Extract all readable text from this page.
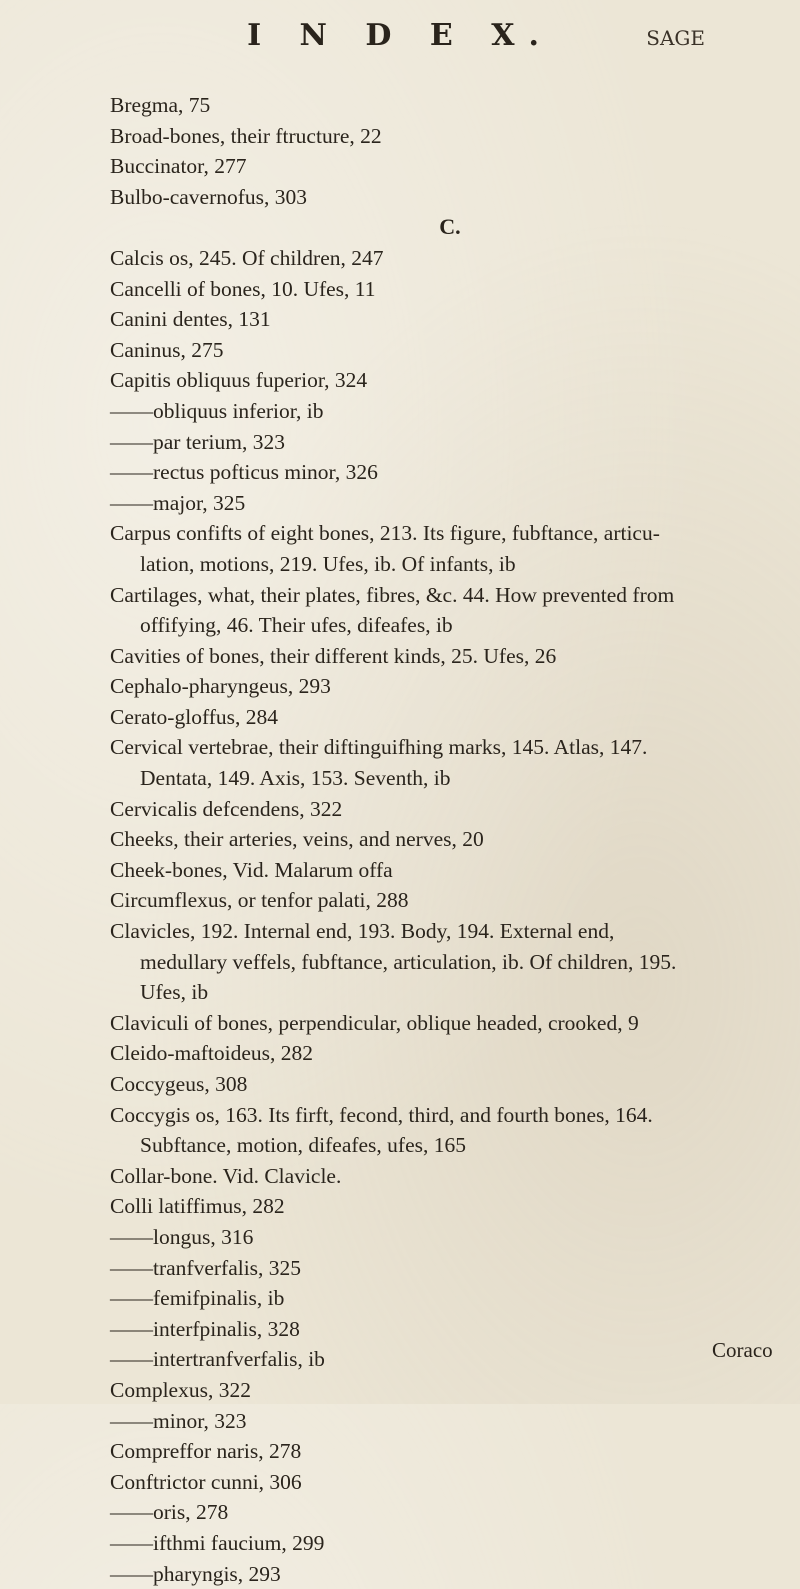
I N D E X.	SAGE
Bregma, 75
Broad-bones, their ftructure, 22
Buccinator, 277
Bulbo-cavernofus, 303
C.
Calcis os, 245. Of children, 247
Cancelli of bones, 10. Ufes, 11
Canini dentes, 131
Caninus, 275
Capitis obliquus fuperior, 324
——obliquus inferior, ib
——par terium, 323
——rectus pofticus minor, 326
——major, 325
Carpus confifts of eight bones, 213. Its figure, fubftance, articu-
lation, motions, 219. Ufes, ib. Of infants, ib
Cartilages, what, their plates, fibres, &c. 44. How prevented from
offifying, 46. Their ufes, difeafes, ib
Cavities of bones, their different kinds, 25. Ufes, 26
Cephalo-pharyngeus, 293
Cerato-gloffus, 284
Cervical vertebrae, their diftinguifhing marks, 145. Atlas, 147.
Dentata, 149. Axis, 153. Seventh, ib
Cervicalis defcendens, 322
Cheeks, their arteries, veins, and nerves, 20
Cheek-bones, Vid. Malarum offa
Circumflexus, or tenfor palati, 288
Clavicles, 192. Internal end, 193. Body, 194. External end,
medullary veffels, fubftance, articulation, ib. Of children, 195.
Ufes, ib
Claviculi of bones, perpendicular, oblique headed, crooked, 9
Cleido-maftoideus, 282
Coccygeus, 308
Coccygis os, 163. Its firft, fecond, third, and fourth bones, 164.
Subftance, motion, difeafes, ufes, 165
Collar-bone. Vid. Clavicle.
Colli latiffimus, 282
——longus, 316
——tranfverfalis, 325
——femifpinalis, ib
——interfpinalis, 328
——intertranfverfalis, ib
Complexus, 322
——minor, 323
Compreffor naris, 278
Conftrictor cunni, 306
——oris, 278
——ifthmi faucium, 299
——pharyngis, 293
Coraco
